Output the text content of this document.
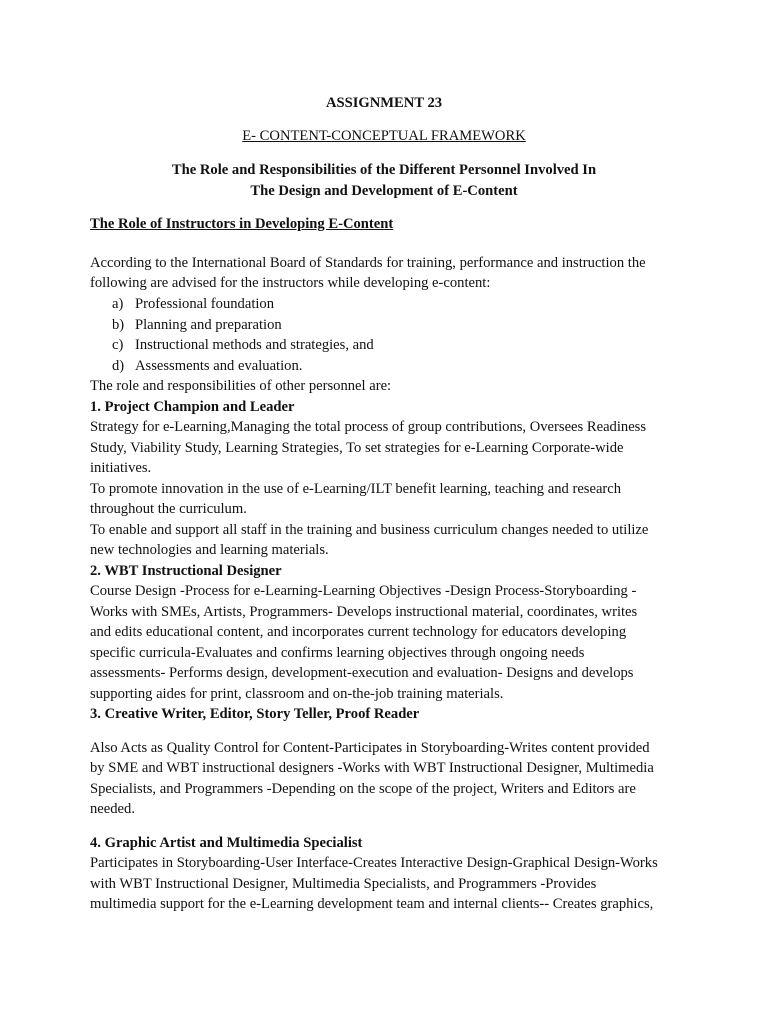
ASSIGNMENT 23
E- CONTENT-CONCEPTUAL FRAMEWORK
The Role and Responsibilities of the Different Personnel Involved In
The Design and Development of E-Content
The Role of Instructors in Developing E-Content
According to the International Board of Standards for training, performance and instruction the
following are advised for the instructors while developing e-content:
a) Professional foundation
b) Planning and preparation
c) Instructional methods and strategies, and
d) Assessments and evaluation.
The role and responsibilities of other personnel are:
1. Project Champion and Leader
Strategy for e-Learning,Managing the total process of group contributions, Oversees Readiness
Study, Viability Study, Learning Strategies, To set strategies for e-Learning Corporate-wide
initiatives.
To promote innovation in the use of e-Learning/ILT benefit learning, teaching and research
throughout the curriculum.
To enable and support all staff in the training and business curriculum changes needed to utilize
new technologies and learning materials.
2. WBT Instructional Designer
Course Design -Process for e-Learning-Learning Objectives -Design Process-Storyboarding -
Works with SMEs, Artists, Programmers- Develops instructional material, coordinates, writes
and edits educational content, and incorporates current technology for educators developing
specific curricula-Evaluates and confirms learning objectives through ongoing needs
assessments- Performs design, development-execution and evaluation- Designs and develops
supporting aides for print, classroom and on-the-job training materials.
3. Creative Writer, Editor, Story Teller, Proof Reader
Also Acts as Quality Control for Content-Participates in Storyboarding-Writes content provided
by SME and WBT instructional designers -Works with WBT Instructional Designer, Multimedia
Specialists, and Programmers -Depending on the scope of the project, Writers and Editors are
needed.
4. Graphic Artist and Multimedia Specialist
Participates in Storyboarding-User Interface-Creates Interactive Design-Graphical Design-Works
with WBT Instructional Designer, Multimedia Specialists, and Programmers -Provides
multimedia support for the e-Learning development team and internal clients-- Creates graphics,
